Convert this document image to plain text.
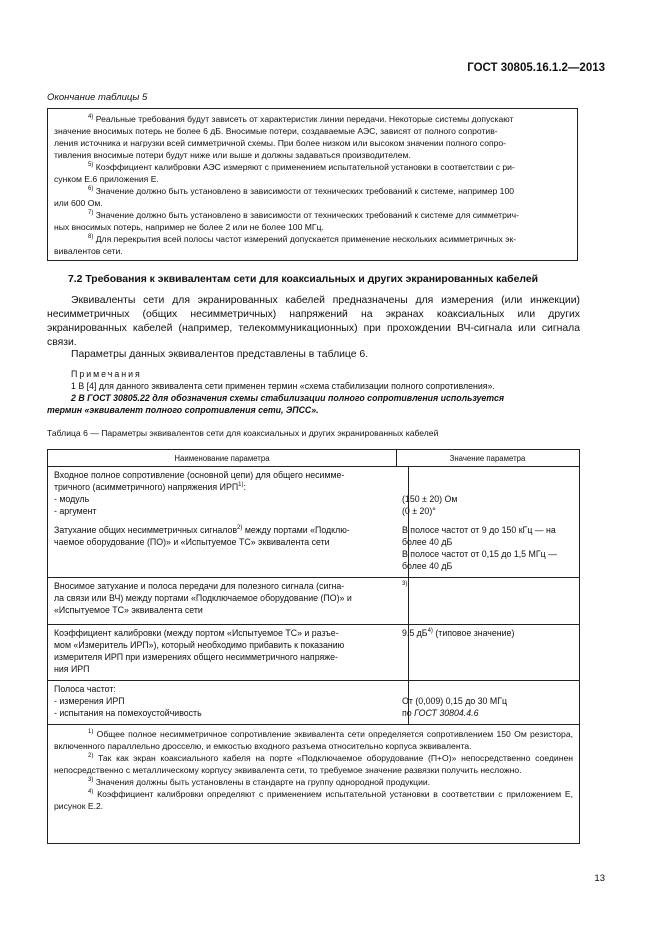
ГОСТ 30805.16.1.2—2013
Окончание таблицы 5

$^{4)}$ Реальные требования будут зависеть от характеристик линии передачи. Некоторые системы допускают

значение вносимых потерь не более 6 дБ. Вносимые потери, создаваемые АЭС, зависят от полного сопротив-

ления источника и нагрузки всей симметричной схемы. При более низком или высоком значении полного сопро-

тивления вносимые потери будут ниже или выше и должны задаваться производителем.

$^{5)}$ Коэффициент калибровки АЭС измеряют с применением испытательной установки в соответствии с ри-

сунком Е.6 приложения Е.

$^{6)}$ Значение должно быть установлено в зависимости от технических требований к системе, например 100

или 600 Ом.

$^{7)}$ Значение должно быть установлено в зависимости от технических требований к системе для симметрич-

ных вносимых потерь, например не более 2 или не более 100 МГц.

$^{8)}$ Для перекрытия всей полосы частот измерений допускается применение нескольких асимметричных эк-

вивалентов сети.

7.2 Требования к эквивалентам сети для коаксиальных и других экранированных кабелей

Эквиваленты сети для экранированных кабелей предназначены для измерения (или инжекции) несимметричных (общих несимметричных) напряжений на экранах коаксиальных или других экранированных кабелей (например, телекоммуникационных) при прохождении ВЧ-сигнала или сигнала связи.

Параметры данных эквивалентов представлены в таблице 6.

Примечания
1 В [4] для данного эквивалента сети применен термин «схема стабилизации полного сопротивления».
2 В ГОСТ 30805.22 для обозначения схемы стабилизации полного сопротивления используется
термин «эквивалент полного сопротивления сети, ЭПСС».
Таблица 6 — Параметры эквивалентов сети для коаксиальных и других экранированных кабелей
Наименование параметра	Значение параметра
Входное полное сопротивление (основной цепи) для общего несимме-
тричного (асимметричного) напряжения ИРП$^{1)}$:
- модуль
- аргумент
(150 ± 20) Ом
(0 ± 20)°
Затухание общих несимметричных сигналов$^{2)}$ между портами «Подклю-
чаемое оборудование (ПО)» и «Испытуемое ТС» эквивалента сети
В полосе частот от 9 до 150 кГц — на
более 40 дБ
В полосе частот от 0,15 до 1,5 МГц —
более 40 дБ
Вносимое затухание и полоса передачи для полезного сигнала (сигна-
ла связи или ВЧ) между портами «Подключаемое оборудование (ПО)» и
«Испытуемое ТС» эквивалента сети
$^{3)}$
Коэффициент калибровки (между портом «Испытуемое ТС» и разъе-
мом «Измеритель ИРП»), который необходимо прибавить к показанию
измерителя ИРП при измерениях общего несимметричного напряже-
ния ИРП
9,5 $дБ^{4)}$ (типовое значение)
Полоса частот:
- измерения ИРП
- испытания на помехоустойчивость
От (0,009) 0,15 до 30 МГц
по ГОСТ 30804.4.6

$^{1)}$ Общее полное несимметричное сопротивление эквивалента сети определяется сопротивлением 150 Ом резистора, включенного параллельно дросселю, и емкостью входного разъема относительно корпуса эквивалента.

$^{2)}$ Так как экран коаксиального кабеля на порте «Подключаемое оборудование (П+О)» непосредственно соединен непосредственно с металлическому корпусу эквивалента сети, то требуемое значение развязки получить несложно.

$^{3)}$ Значения должны быть установлены в стандарте на группу однородной продукции.

$^{4)}$ Коэффициент калибровки определяют с применением испытательной установки в соответствии с приложением Е, рисунок Е.2.

13
